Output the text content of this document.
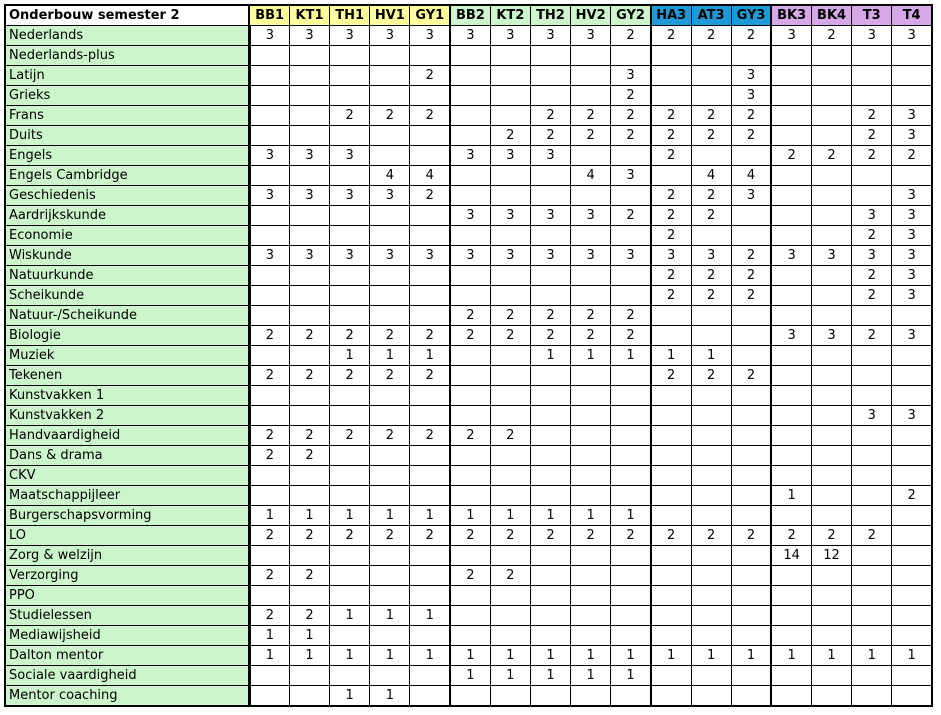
Onderbouw semester 2	BB1	KT1	TH1	HV1	GY1	BB2	KT2	TH2	HV2	GY2	HA3	AT3	GY3	BK3	BK4	T3	T4
Nederlands	3	3	3	3	3	3	3	3	3	2	2	2	2	3	2	3	3
Nederlands-plus																	
Latijn					2					3			3				
Grieks										2			3				
Frans			2	2	2			2	2	2	2	2	2			2	3
Duits							2	2	2	2	2	2	2			2	3
Engels	3	3	3			3	3	3			2			2	2	2	2
Engels Cambridge				4	4				4	3		4	4				
Geschiedenis	3	3	3	3	2						2	2	3				3
Aardrijkskunde						3	3	3	3	2	2	2				3	3
Economie											2					2	3
Wiskunde	3	3	3	3	3	3	3	3	3	3	3	3	2	3	3	3	3
Natuurkunde											2	2	2			2	3
Scheikunde											2	2	2			2	3
Natuur-/Scheikunde						2	2	2	2	2							
Biologie	2	2	2	2	2	2	2	2	2	2				3	3	2	3
Muziek			1	1	1			1	1	1	1	1					
Tekenen	2	2	2	2	2						2	2	2				
Kunstvakken 1																	
Kunstvakken 2																3	3
Handvaardigheid	2	2	2	2	2	2	2										
Dans & drama	2	2															
CKV																	
Maatschappijleer														1			2
Burgerschapsvorming	1	1	1	1	1	1	1	1	1	1							
LO	2	2	2	2	2	2	2	2	2	2	2	2	2	2	2	2	
Zorg & welzijn														14	12		
Verzorging	2	2				2	2										
PPO																	
Studielessen	2	2	1	1	1												
Mediawijsheid	1	1															
Dalton mentor	1	1	1	1	1	1	1	1	1	1	1	1	1	1	1	1	1
Sociale vaardigheid						1	1	1	1	1							
Mentor coaching			1	1													
